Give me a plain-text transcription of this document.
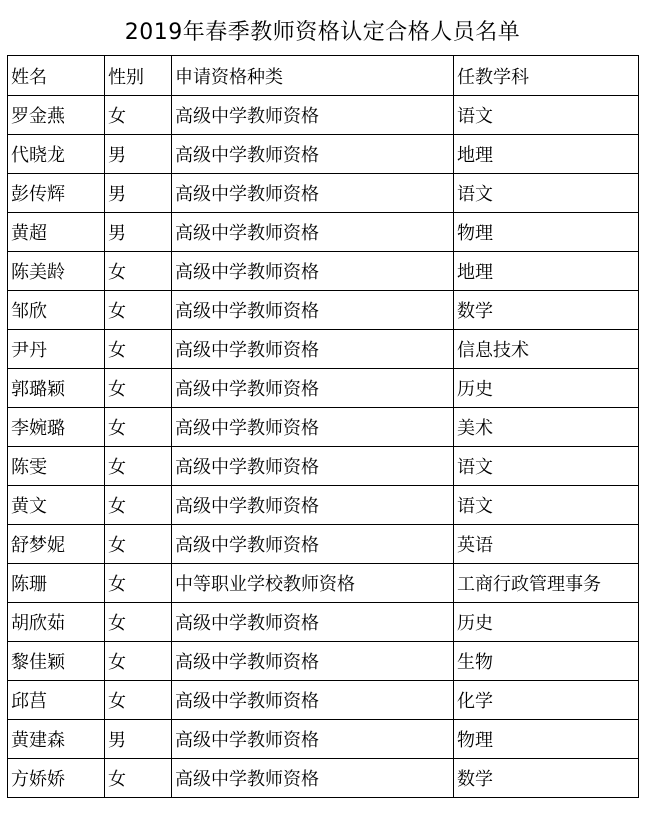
2019年春季教师资格认定合格人员名单
姓名	性别	申请资格种类	任教学科
罗金燕	女	高级中学教师资格	语文
代晓龙	男	高级中学教师资格	地理
彭传辉	男	高级中学教师资格	语文
黄超	男	高级中学教师资格	物理
陈美龄	女	高级中学教师资格	地理
邹欣	女	高级中学教师资格	数学
尹丹	女	高级中学教师资格	信息技术
郭璐颖	女	高级中学教师资格	历史
李婉璐	女	高级中学教师资格	美术
陈雯	女	高级中学教师资格	语文
黄文	女	高级中学教师资格	语文
舒梦妮	女	高级中学教师资格	英语
陈珊	女	中等职业学校教师资格	工商行政管理事务
胡欣茹	女	高级中学教师资格	历史
黎佳颖	女	高级中学教师资格	生物
邱莒	女	高级中学教师资格	化学
黄建森	男	高级中学教师资格	物理
方娇娇	女	高级中学教师资格	数学
